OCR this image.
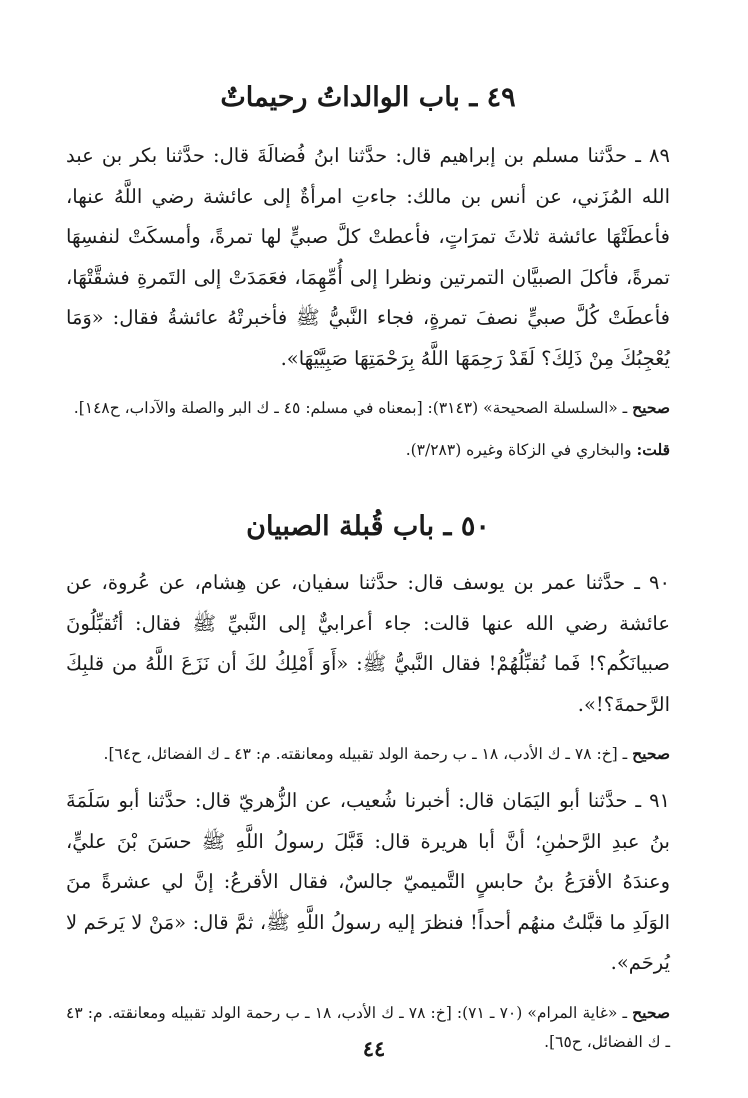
٤٩ ـ باب الوالداتُ رحيماتٌ

٨٩ ـ حدَّثنا مسلم بن إبراهيم قال: حدَّثنا ابنُ فُضالَةَ قال: حدَّثنا بكر بن عبد الله المُزَني، عن أنس بن مالك: جاءتِ امرأةٌ إلى عائشة رضي اللَّهُ عنها، فأعطَتْهَا عائشة ثلاثَ تمرَاتٍ، فأعطتْ كلَّ صبيٍّ لها تمرةً، وأمسكَتْ لنفسِهَا تمرةً، فأكلَ الصبيَّان التمرتين ونظرا إلى أُمِّهِمَا، فعَمَدَتْ إلى التَمرةِ فشقَّتْهَا، فأعطَتْ كُلَّ صبيٍّ نصفَ تمرةٍ، فجاء النَّبيُّ ﷺ فأخبرتْهُ عائشةُ فقال: «وَمَا يُعْجِبُكَ مِنْ ذَلِكَ؟ لَقَدْ رَحِمَهَا اللَّهُ بِرَحْمَتِهَا صَبِيَّيْهَا».

صحيح ـ «السلسلة الصحيحة» (٣١٤٣): [بمعناه في مسلم: ٤٥ ـ ك البر والصلة والآداب، ح١٤٨].

قلت: والبخاري في الزكاة وغيره (٣/٢٨٣).

٥٠ ـ باب قُبلة الصبيان

٩٠ ـ حدَّثنا عمر بن يوسف قال: حدَّثنا سفيان، عن هِشام، عن عُروة، عن عائشة رضي الله عنها قالت: جاء أعرابيٌّ إلى النَّبيِّ ﷺ فقال: أتُقبِّلُونَ صبيانَكُم؟! فَما نُقبِّلُهُمْ! فقال النَّبيُّ ﷺ: «أَوَ أَمْلِكُ لكَ أن نَزَعَ اللَّهُ من قلبِكَ الرَّحمةَ؟!».

صحيح ـ [خ: ٧٨ ـ ك الأدب، ١٨ ـ ب رحمة الولد تقبيله ومعانقته. م: ٤٣ ـ ك الفضائل، ح٦٤].

٩١ ـ حدَّثنا أبو اليَمَان قال: أخبرنا شُعيب، عن الزُّهريّ قال: حدَّثنا أبو سَلَمَةَ بنُ عبدِ الرَّحمٰنِ؛ أنَّ أبا هريرة قال: قَبَّلَ رسولُ اللَّهِ ﷺ حسَنَ بْنَ عليٍّ، وعندَهُ الأقرَعُ بنُ حابسٍ التَّميميّ جالسٌ، فقال الأقرعُ: إنَّ لي عشرةً منَ الوَلَدِ ما قبَّلتُ منهُم أحداً! فنظرَ إليه رسولُ اللَّهِ ﷺ، ثمَّ قال: «مَنْ لا يَرحَم لا يُرحَم».

صحيح ـ «غاية المرام» (٧٠ ـ ٧١): [خ: ٧٨ ـ ك الأدب، ١٨ ـ ب رحمة الولد تقبيله ومعانقته. م: ٤٣ ـ ك الفضائل، ح٦٥].

٤٤
